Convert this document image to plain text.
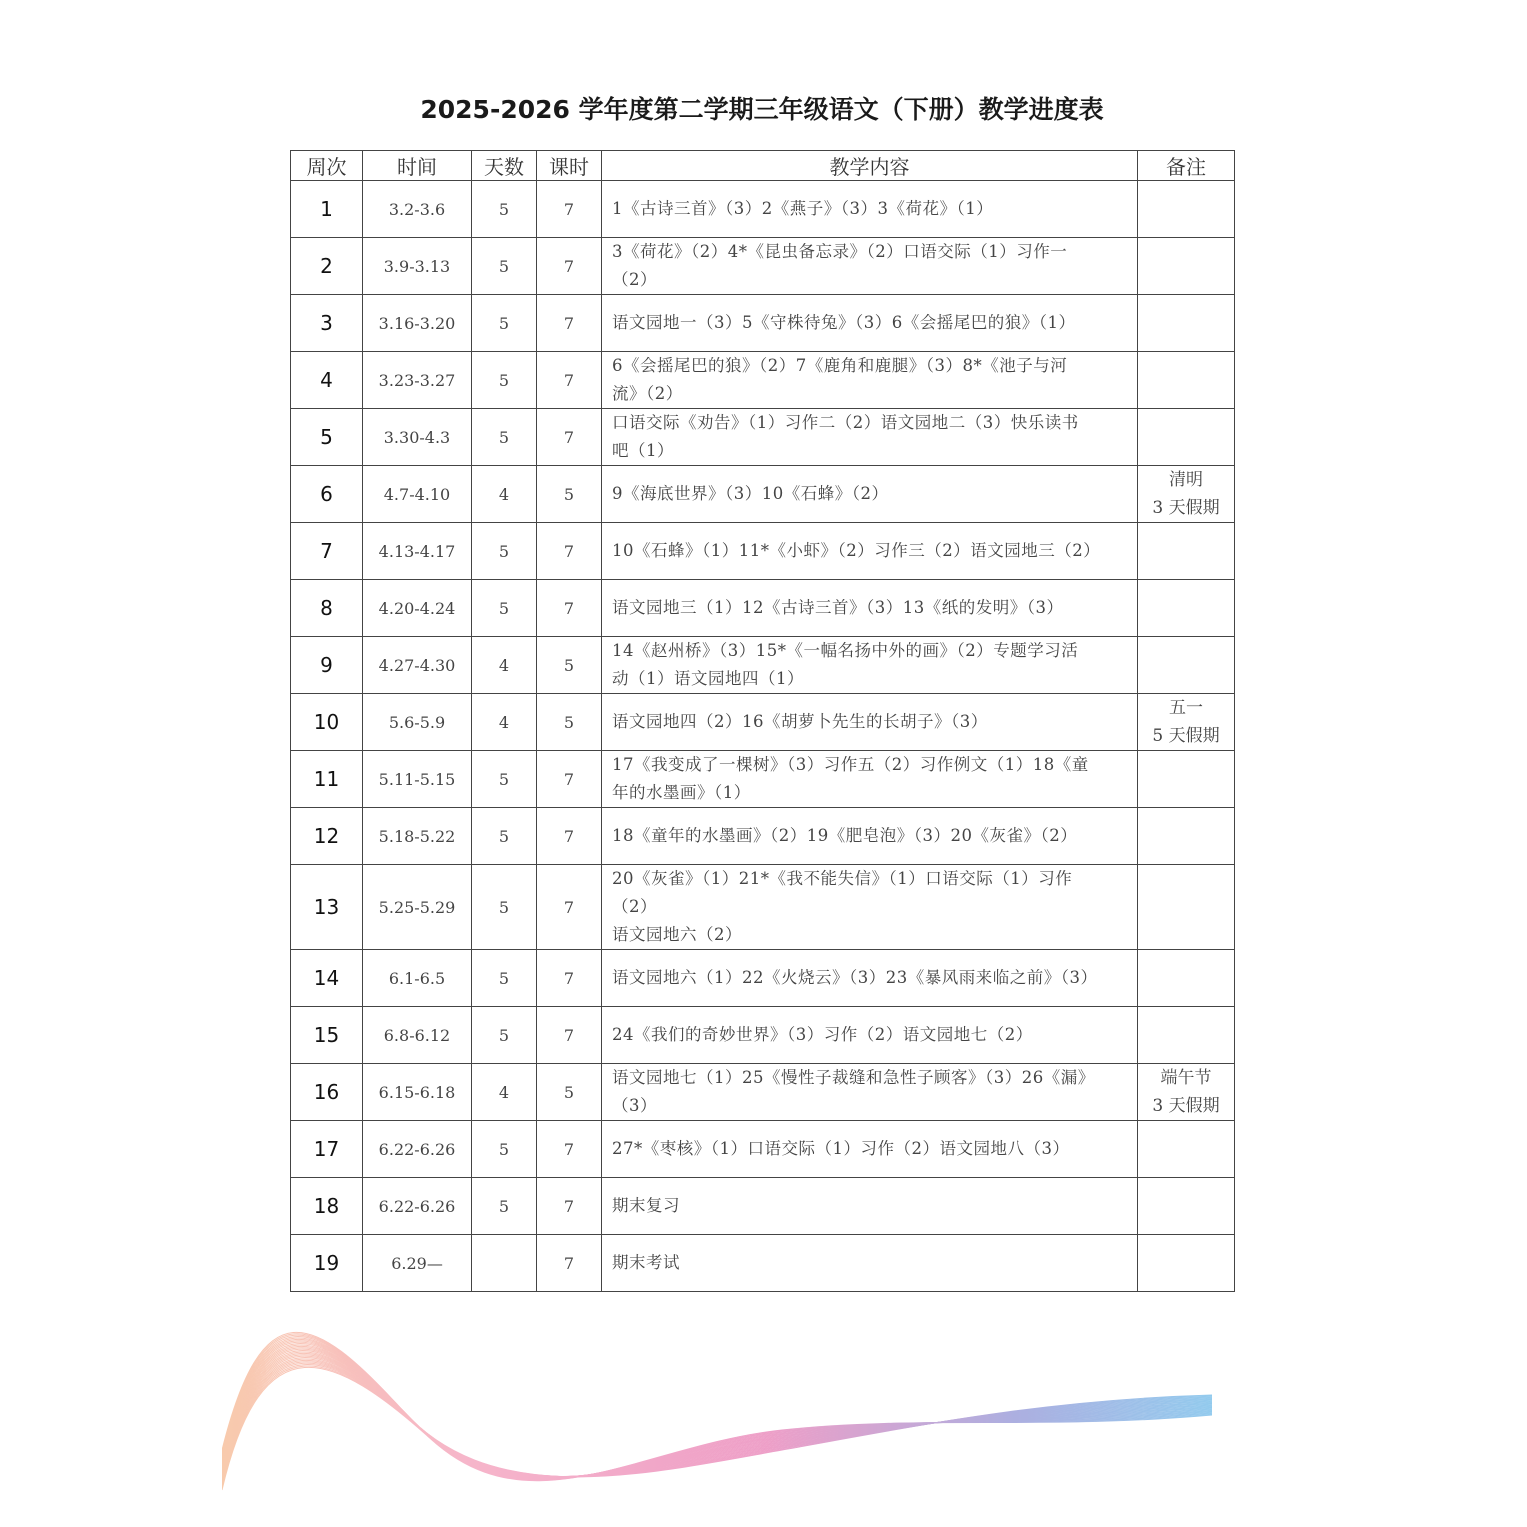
2025-2026 学年度第二学期三年级语文（下册）教学进度表
周次	时间	天数	课时	教学内容	备注
1	3.2-3.6	5	7	1《古诗三首》（3）2《燕子》（3）3《荷花》（1）	
2	3.9-3.13	5	7	3《荷花》（2）4*《昆虫备忘录》（2）口语交际（1）习作一
（2）	
3	3.16-3.20	5	7	语文园地一（3）5《守株待兔》（3）6《会摇尾巴的狼》（1）	
4	3.23-3.27	5	7	6《会摇尾巴的狼》（2）7《鹿角和鹿腿》（3）8*《池子与河
流》（2）	
5	3.30-4.3	5	7	口语交际《劝告》（1）习作二（2）语文园地二（3）快乐读书
吧（1）	
6	4.7-4.10	4	5	9《海底世界》（3）10《石蜂》（2）	清明
3 天假期
7	4.13-4.17	5	7	10《石蜂》（1）11*《小虾》（2）习作三（2）语文园地三（2）	
8	4.20-4.24	5	7	语文园地三（1）12《古诗三首》（3）13《纸的发明》（3）	
9	4.27-4.30	4	5	14《赵州桥》（3）15*《一幅名扬中外的画》（2）专题学习活
动（1）语文园地四（1）	
10	5.6-5.9	4	5	语文园地四（2）16《胡萝卜先生的长胡子》（3）	五一
5 天假期
11	5.11-5.15	5	7	17《我变成了一棵树》（3）习作五（2）习作例文（1）18《童
年的水墨画》（1）	
12	5.18-5.22	5	7	18《童年的水墨画》（2）19《肥皂泡》（3）20《灰雀》（2）	
13	5.25-5.29	5	7	20《灰雀》（1）21*《我不能失信》（1）口语交际（1）习作
（2）
语文园地六（2）	
14	6.1-6.5	5	7	语文园地六（1）22《火烧云》（3）23《暴风雨来临之前》（3）	
15	6.8-6.12	5	7	24《我们的奇妙世界》（3）习作（2）语文园地七（2）	
16	6.15-6.18	4	5	语文园地七（1）25《慢性子裁缝和急性子顾客》（3）26《漏》
（3）	端午节
3 天假期
17	6.22-6.26	5	7	27*《枣核》（1）口语交际（1）习作（2）语文园地八（3）	
18	6.22-6.26	5	7	期末复习	
19	6.29—		7	期末考试	
